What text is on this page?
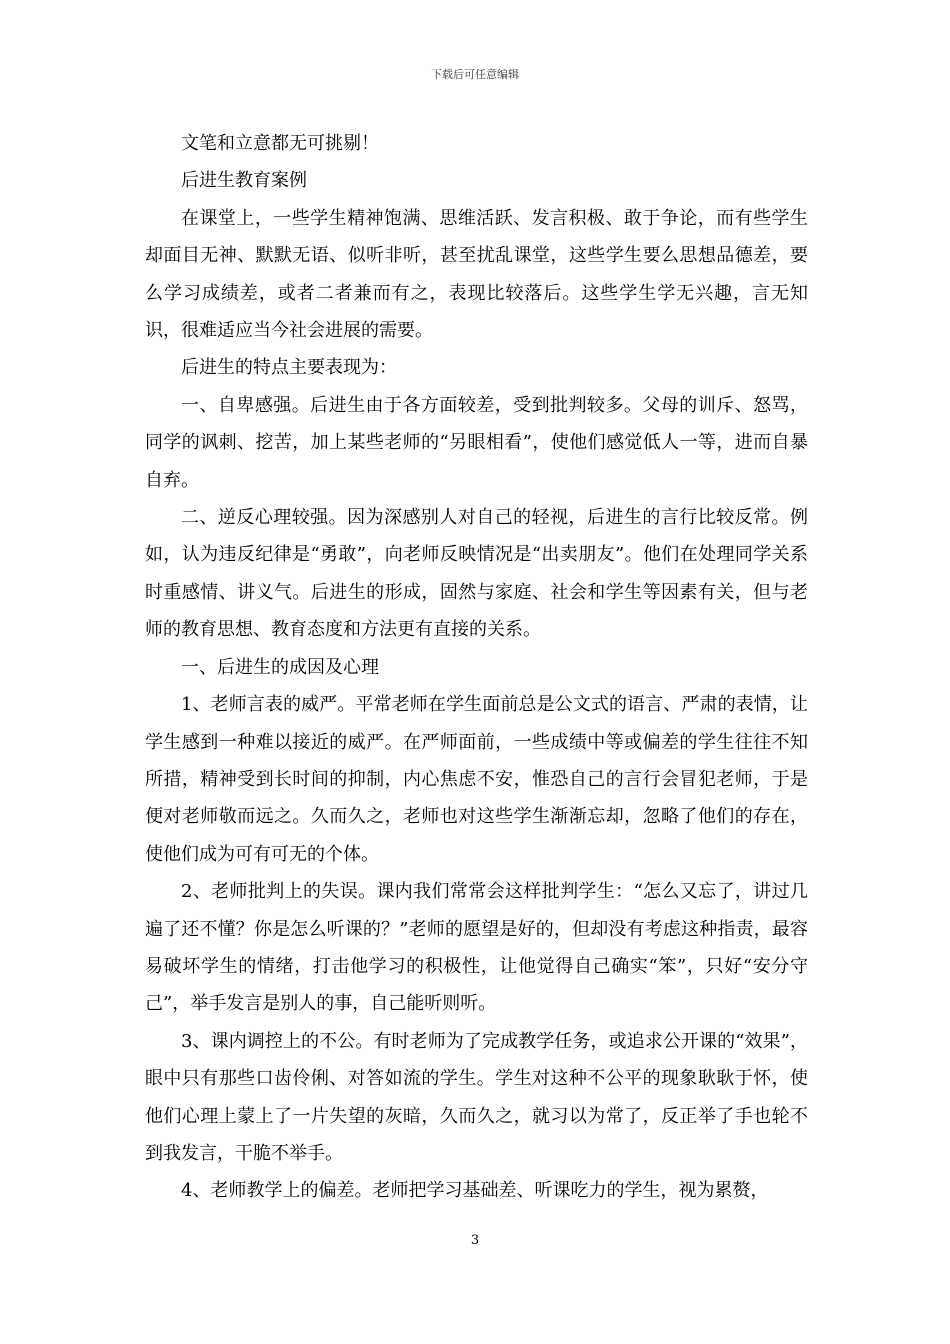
下载后可任意编辑

文笔和立意都无可挑剔！

后进生教育案例

在课堂上，一些学生精神饱满、思维活跃、发言积极、敢于争论，而有些学生却面目无神、默默无语、似听非听，甚至扰乱课堂，这些学生要么思想品德差，要么学习成绩差，或者二者兼而有之，表现比较落后。这些学生学无兴趣，言无知识，很难适应当今社会进展的需要。

后进生的特点主要表现为：

一、自卑感强。后进生由于各方面较差，受到批判较多。父母的训斥、怒骂，同学的讽刺、挖苦，加上某些老师的“另眼相看”，使他们感觉低人一等，进而自暴自弃。

二、逆反心理较强。因为深感别人对自己的轻视，后进生的言行比较反常。例如，认为违反纪律是“勇敢”，向老师反映情况是“出卖朋友”。他们在处理同学关系时重感情、讲义气。后进生的形成，固然与家庭、社会和学生等因素有关，但与老师的教育思想、教育态度和方法更有直接的关系。

一、后进生的成因及心理

1、老师言表的威严。平常老师在学生面前总是公文式的语言、严肃的表情，让学生感到一种难以接近的威严。在严师面前，一些成绩中等或偏差的学生往往不知所措，精神受到长时间的抑制，内心焦虑不安，惟恐自己的言行会冒犯老师，于是便对老师敬而远之。久而久之，老师也对这些学生渐渐忘却，忽略了他们的存在，使他们成为可有可无的个体。

2、老师批判上的失误。课内我们常常会这样批判学生：“怎么又忘了，讲过几遍了还不懂？你是怎么听课的？”老师的愿望是好的，但却没有考虑这种指责，最容易破坏学生的情绪，打击他学习的积极性，让他觉得自己确实“笨”，只好“安分守己”，举手发言是别人的事，自己能听则听。

3、课内调控上的不公。有时老师为了完成教学任务，或追求公开课的“效果”，眼中只有那些口齿伶俐、对答如流的学生。学生对这种不公平的现象耿耿于怀，使他们心理上蒙上了一片失望的灰暗，久而久之，就习以为常了，反正举了手也轮不到我发言，干脆不举手。

4、老师教学上的偏差。老师把学习基础差、听课吃力的学生，视为累赘，

3
